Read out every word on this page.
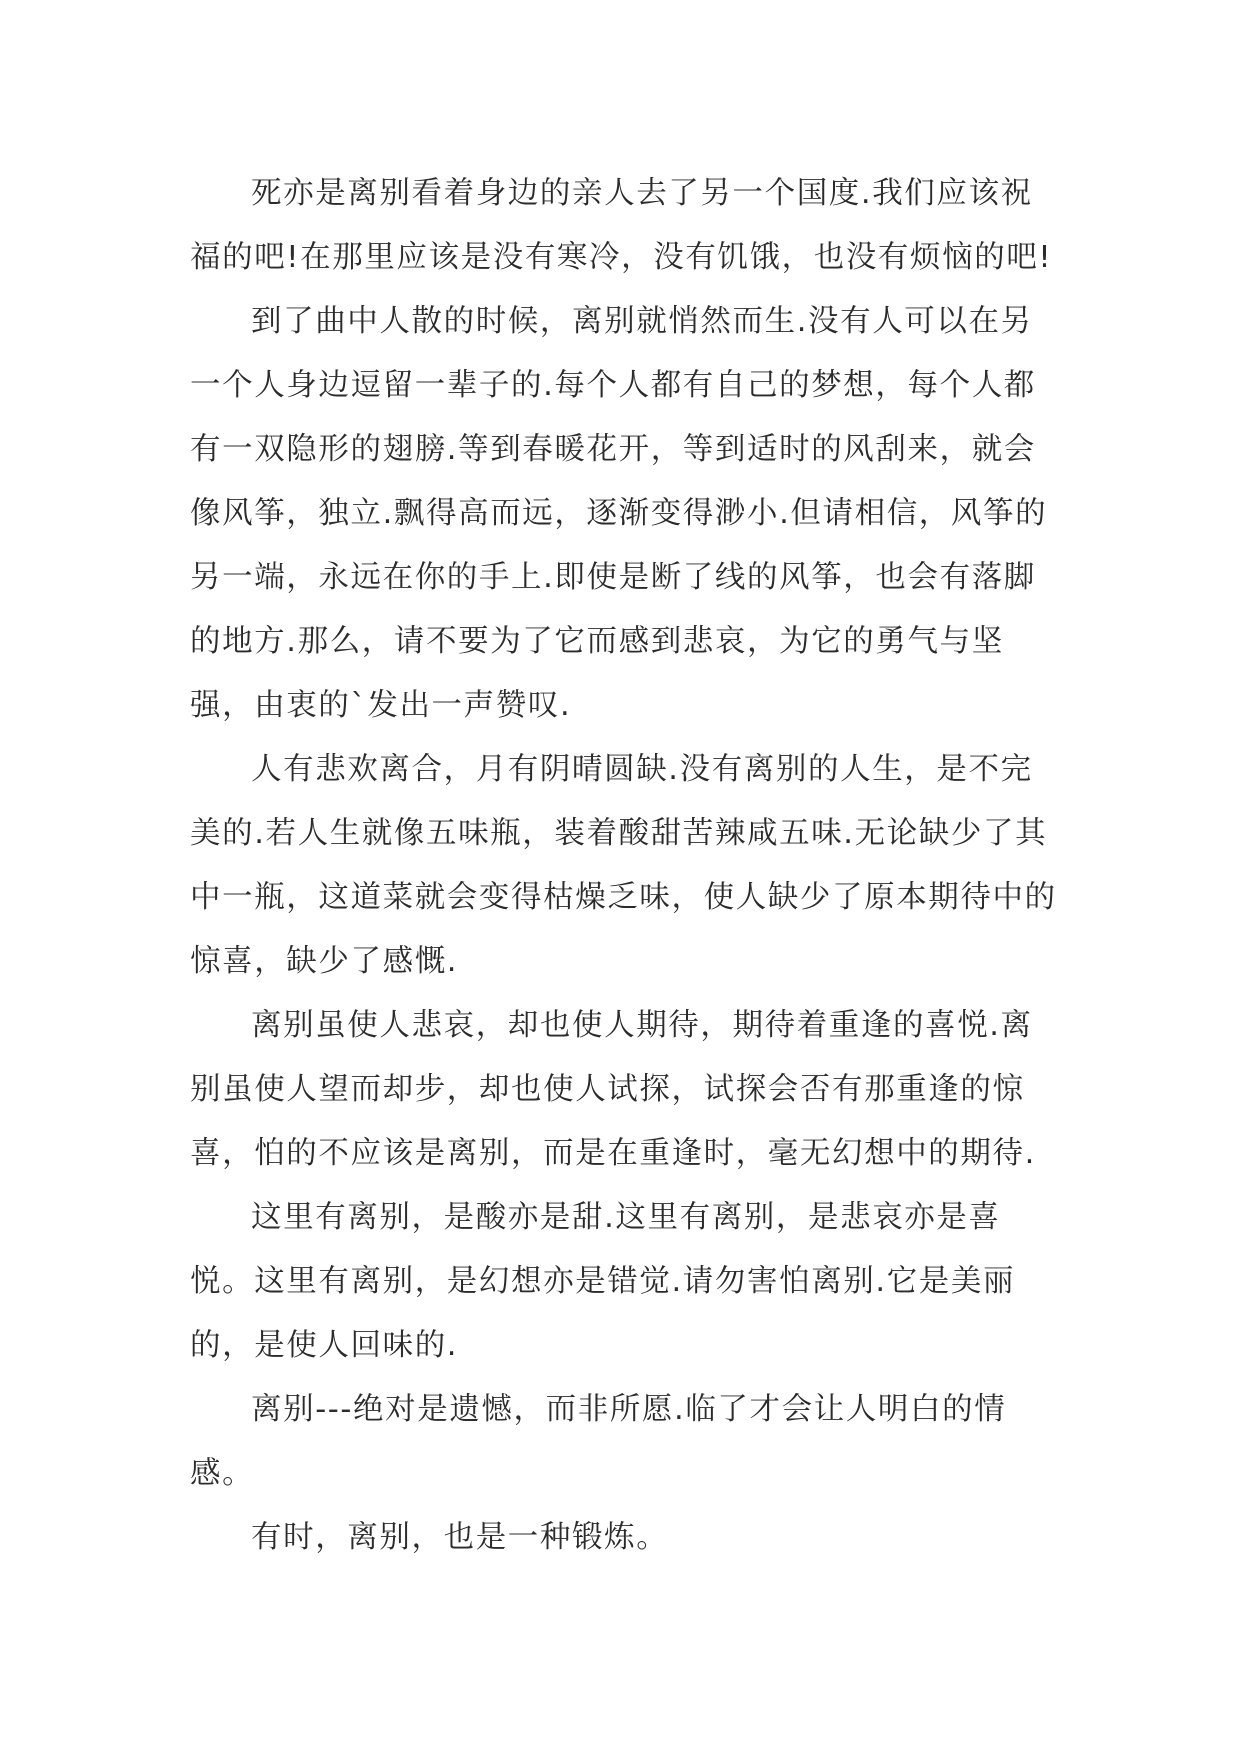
死亦是离别看着身边的亲人去了另一个国度.我们应该祝福的吧!在那里应该是没有寒冷，没有饥饿，也没有烦恼的吧!

到了曲中人散的时候，离别就悄然而生.没有人可以在另一个人身边逗留一辈子的.每个人都有自己的梦想，每个人都有一双隐形的翅膀.等到春暖花开，等到适时的风刮来，就会像风筝，独立.飘得高而远，逐渐变得渺小.但请相信，风筝的另一端，永远在你的手上.即使是断了线的风筝，也会有落脚的地方.那么，请不要为了它而感到悲哀，为它的勇气与坚强，由衷的`发出一声赞叹.

人有悲欢离合，月有阴晴圆缺.没有离别的人生，是不完美的.若人生就像五味瓶，装着酸甜苦辣咸五味.无论缺少了其中一瓶，这道菜就会变得枯燥乏味，使人缺少了原本期待中的惊喜，缺少了感慨.

离别虽使人悲哀，却也使人期待，期待着重逢的喜悦.离别虽使人望而却步，却也使人试探，试探会否有那重逢的惊喜，怕的不应该是离别，而是在重逢时，毫无幻想中的期待.

这里有离别，是酸亦是甜.这里有离别，是悲哀亦是喜悦。这里有离别，是幻想亦是错觉.请勿害怕离别.它是美丽的，是使人回味的.

离别---绝对是遗憾，而非所愿.临了才会让人明白的情感。

有时，离别，也是一种锻炼。
